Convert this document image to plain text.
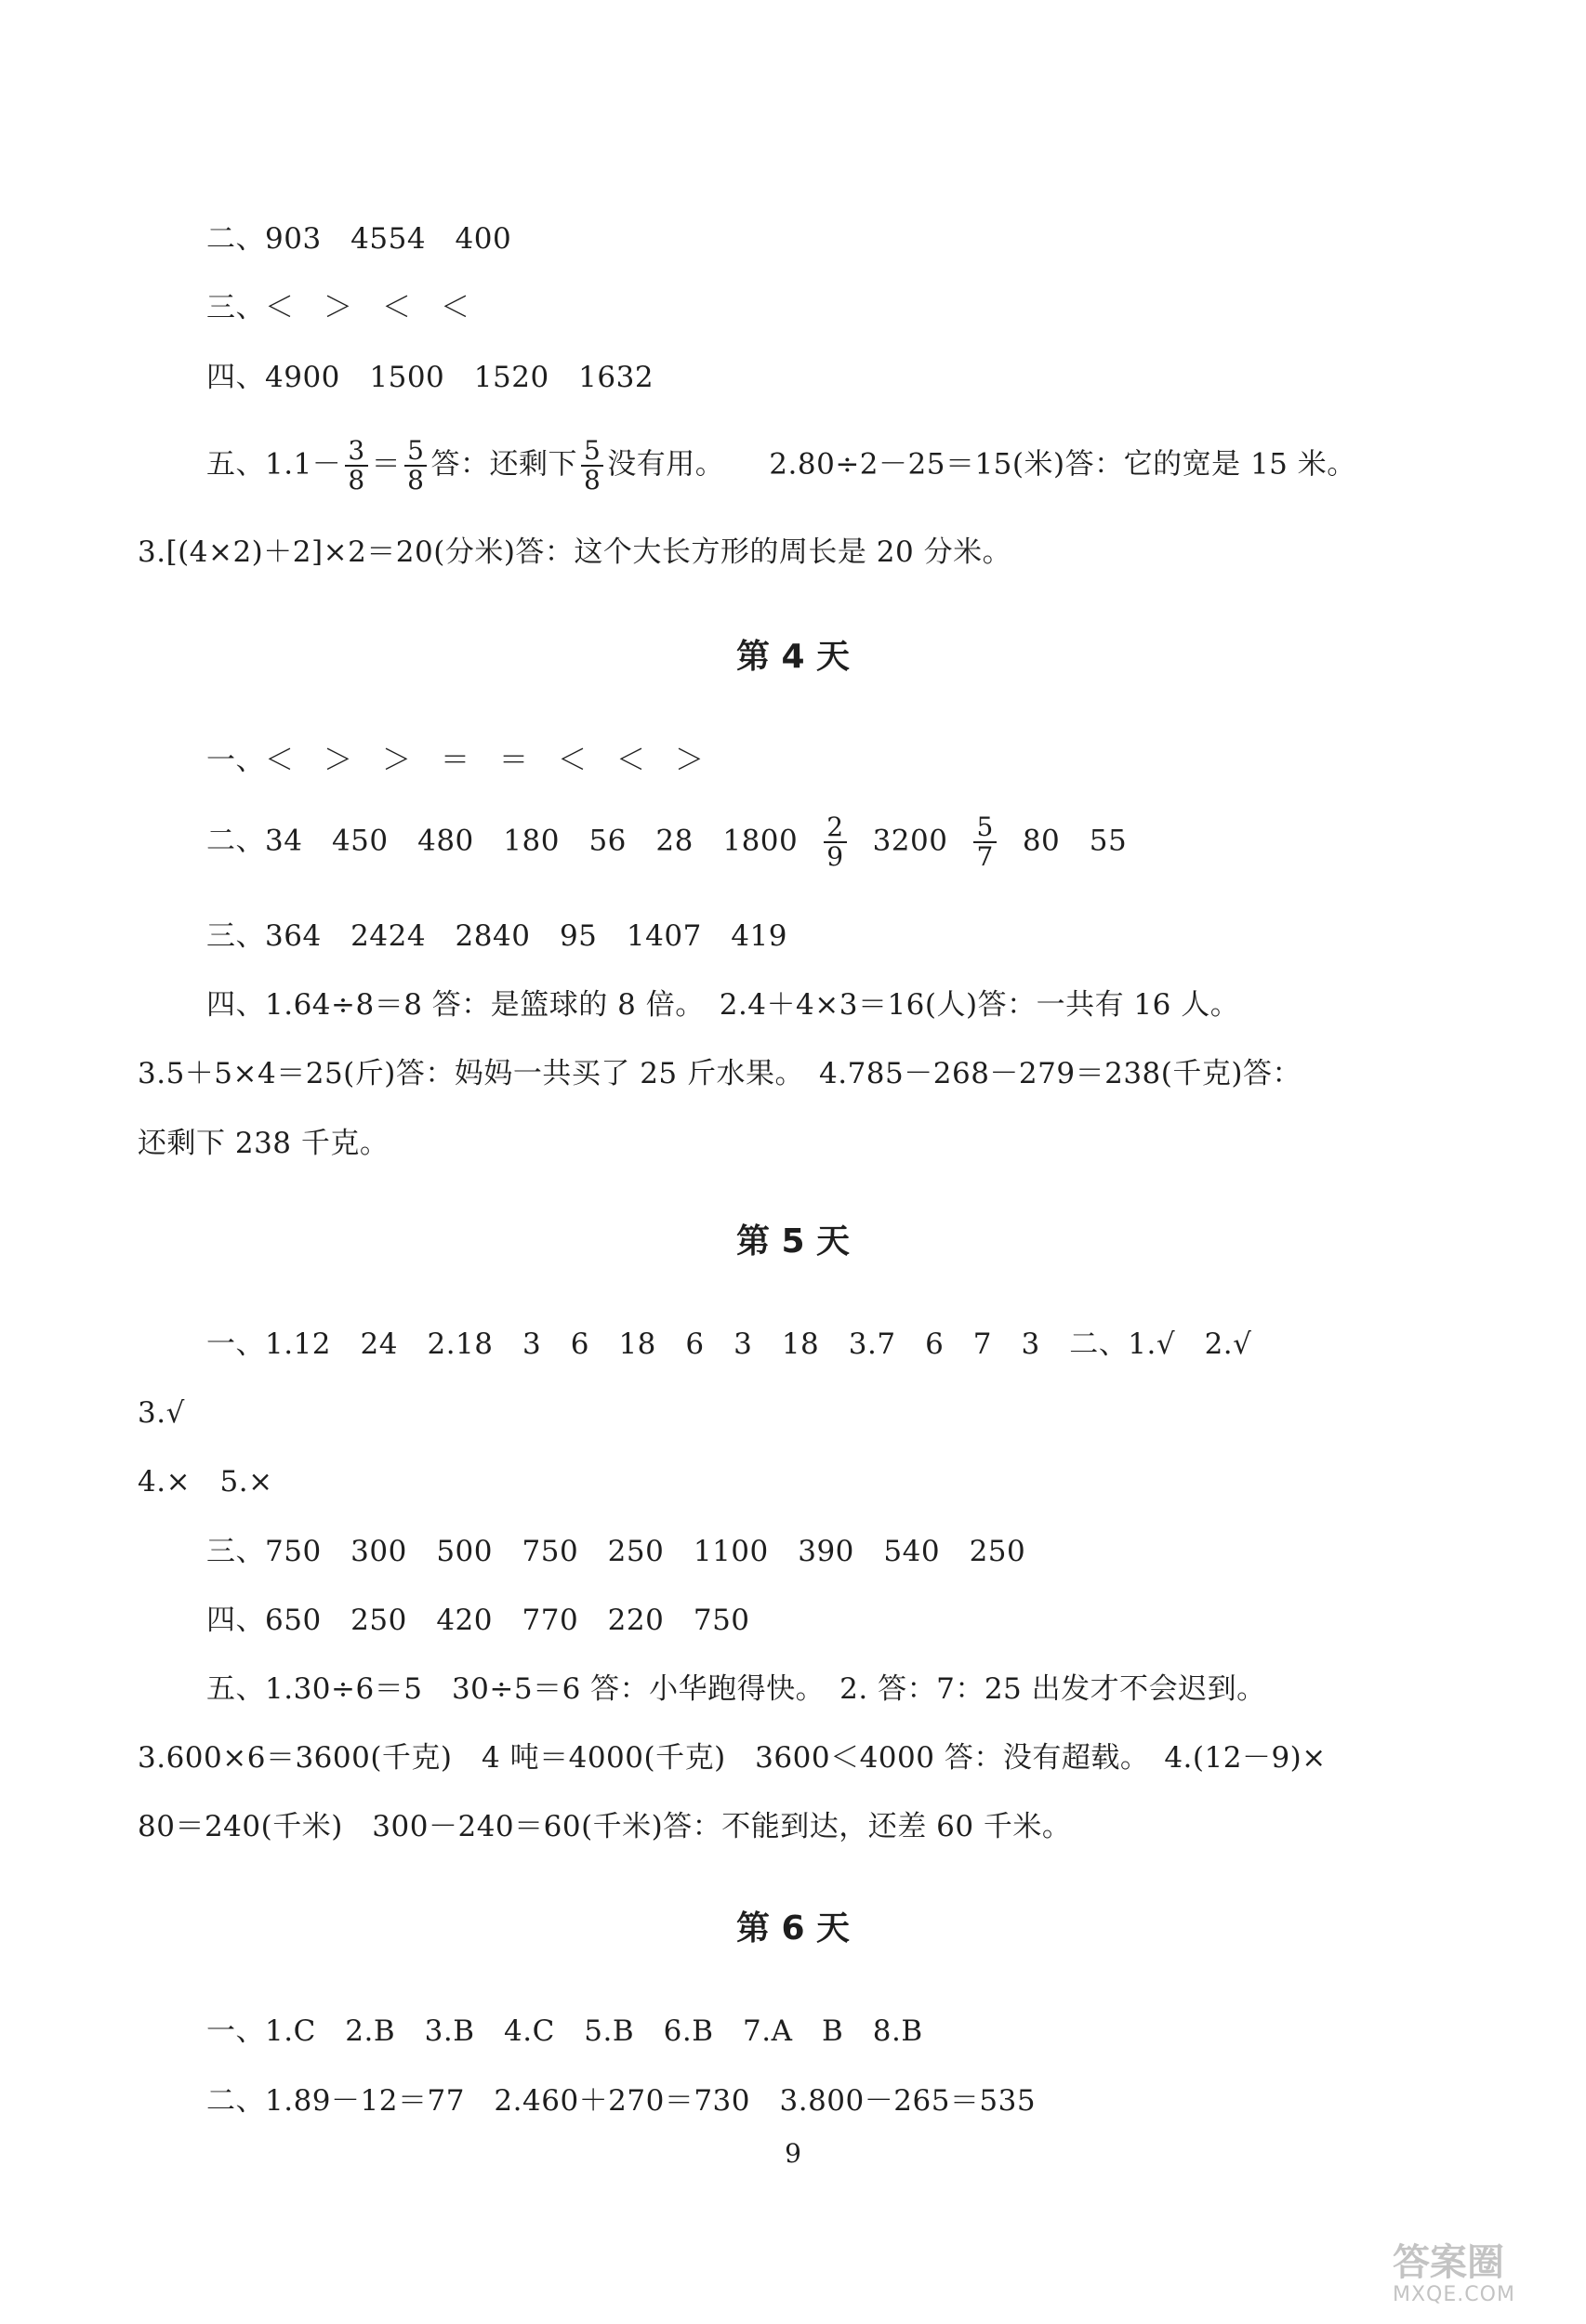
二、903　4554　400
三、＜　＞　＜　＜
四、4900　1500　1520　1632
五、$1.1- \frac{3}{8} = \frac{5}{8}$ 答：还剩下 $\frac{5}{8}$ 没有用。 2.80÷2－25＝15(米)答：它的宽是 15 米。
3.[(4×2)＋2]×2＝20(分米)答：这个大长方形的周长是 20 分米。
第 4 天
一、＜　＞　＞　＝　＝　＜　＜　＞
二、34　450　480　180　56　28　$1800 \frac{2}{9} 3200 \frac{5}{7} 80$　55
三、364　2424　2840　95　1407　419
四、1.64÷8＝8 答：是篮球的 8 倍。　2.4＋4×3＝16(人)答：一共有 16 人。
3.5＋5×4＝25(斤)答：妈妈一共买了 25 斤水果。　4.785－268－279＝238(千克)答：
还剩下 238 千克。
第 5 天
一、1.12　24　2.18　3　6　18　6　3　18　3.7　6　7　3　二、1.√　2.√
3.√
4.×　5.×
三、750　300　500　750　250　1100　390　540　250
四、650　250　420　770　220　750
五、1.30÷6＝5　30÷5＝6 答：小华跑得快。　2. 答：7：25 出发才不会迟到。
3.600×6＝3600(千克)　4 吨＝4000(千克)　3600＜4000 答：没有超载。　4.(12－9)×
80＝240(千米)　300－240＝60(千米)答：不能到达，还差 60 千米。
第 6 天
一、1.C　2.B　3.B　4.C　5.B　6.B　7.A　B　8.B
二、1.89－12＝77　2.460＋270＝730　3.800－265＝535
9
答案圈
MXQE.COM
